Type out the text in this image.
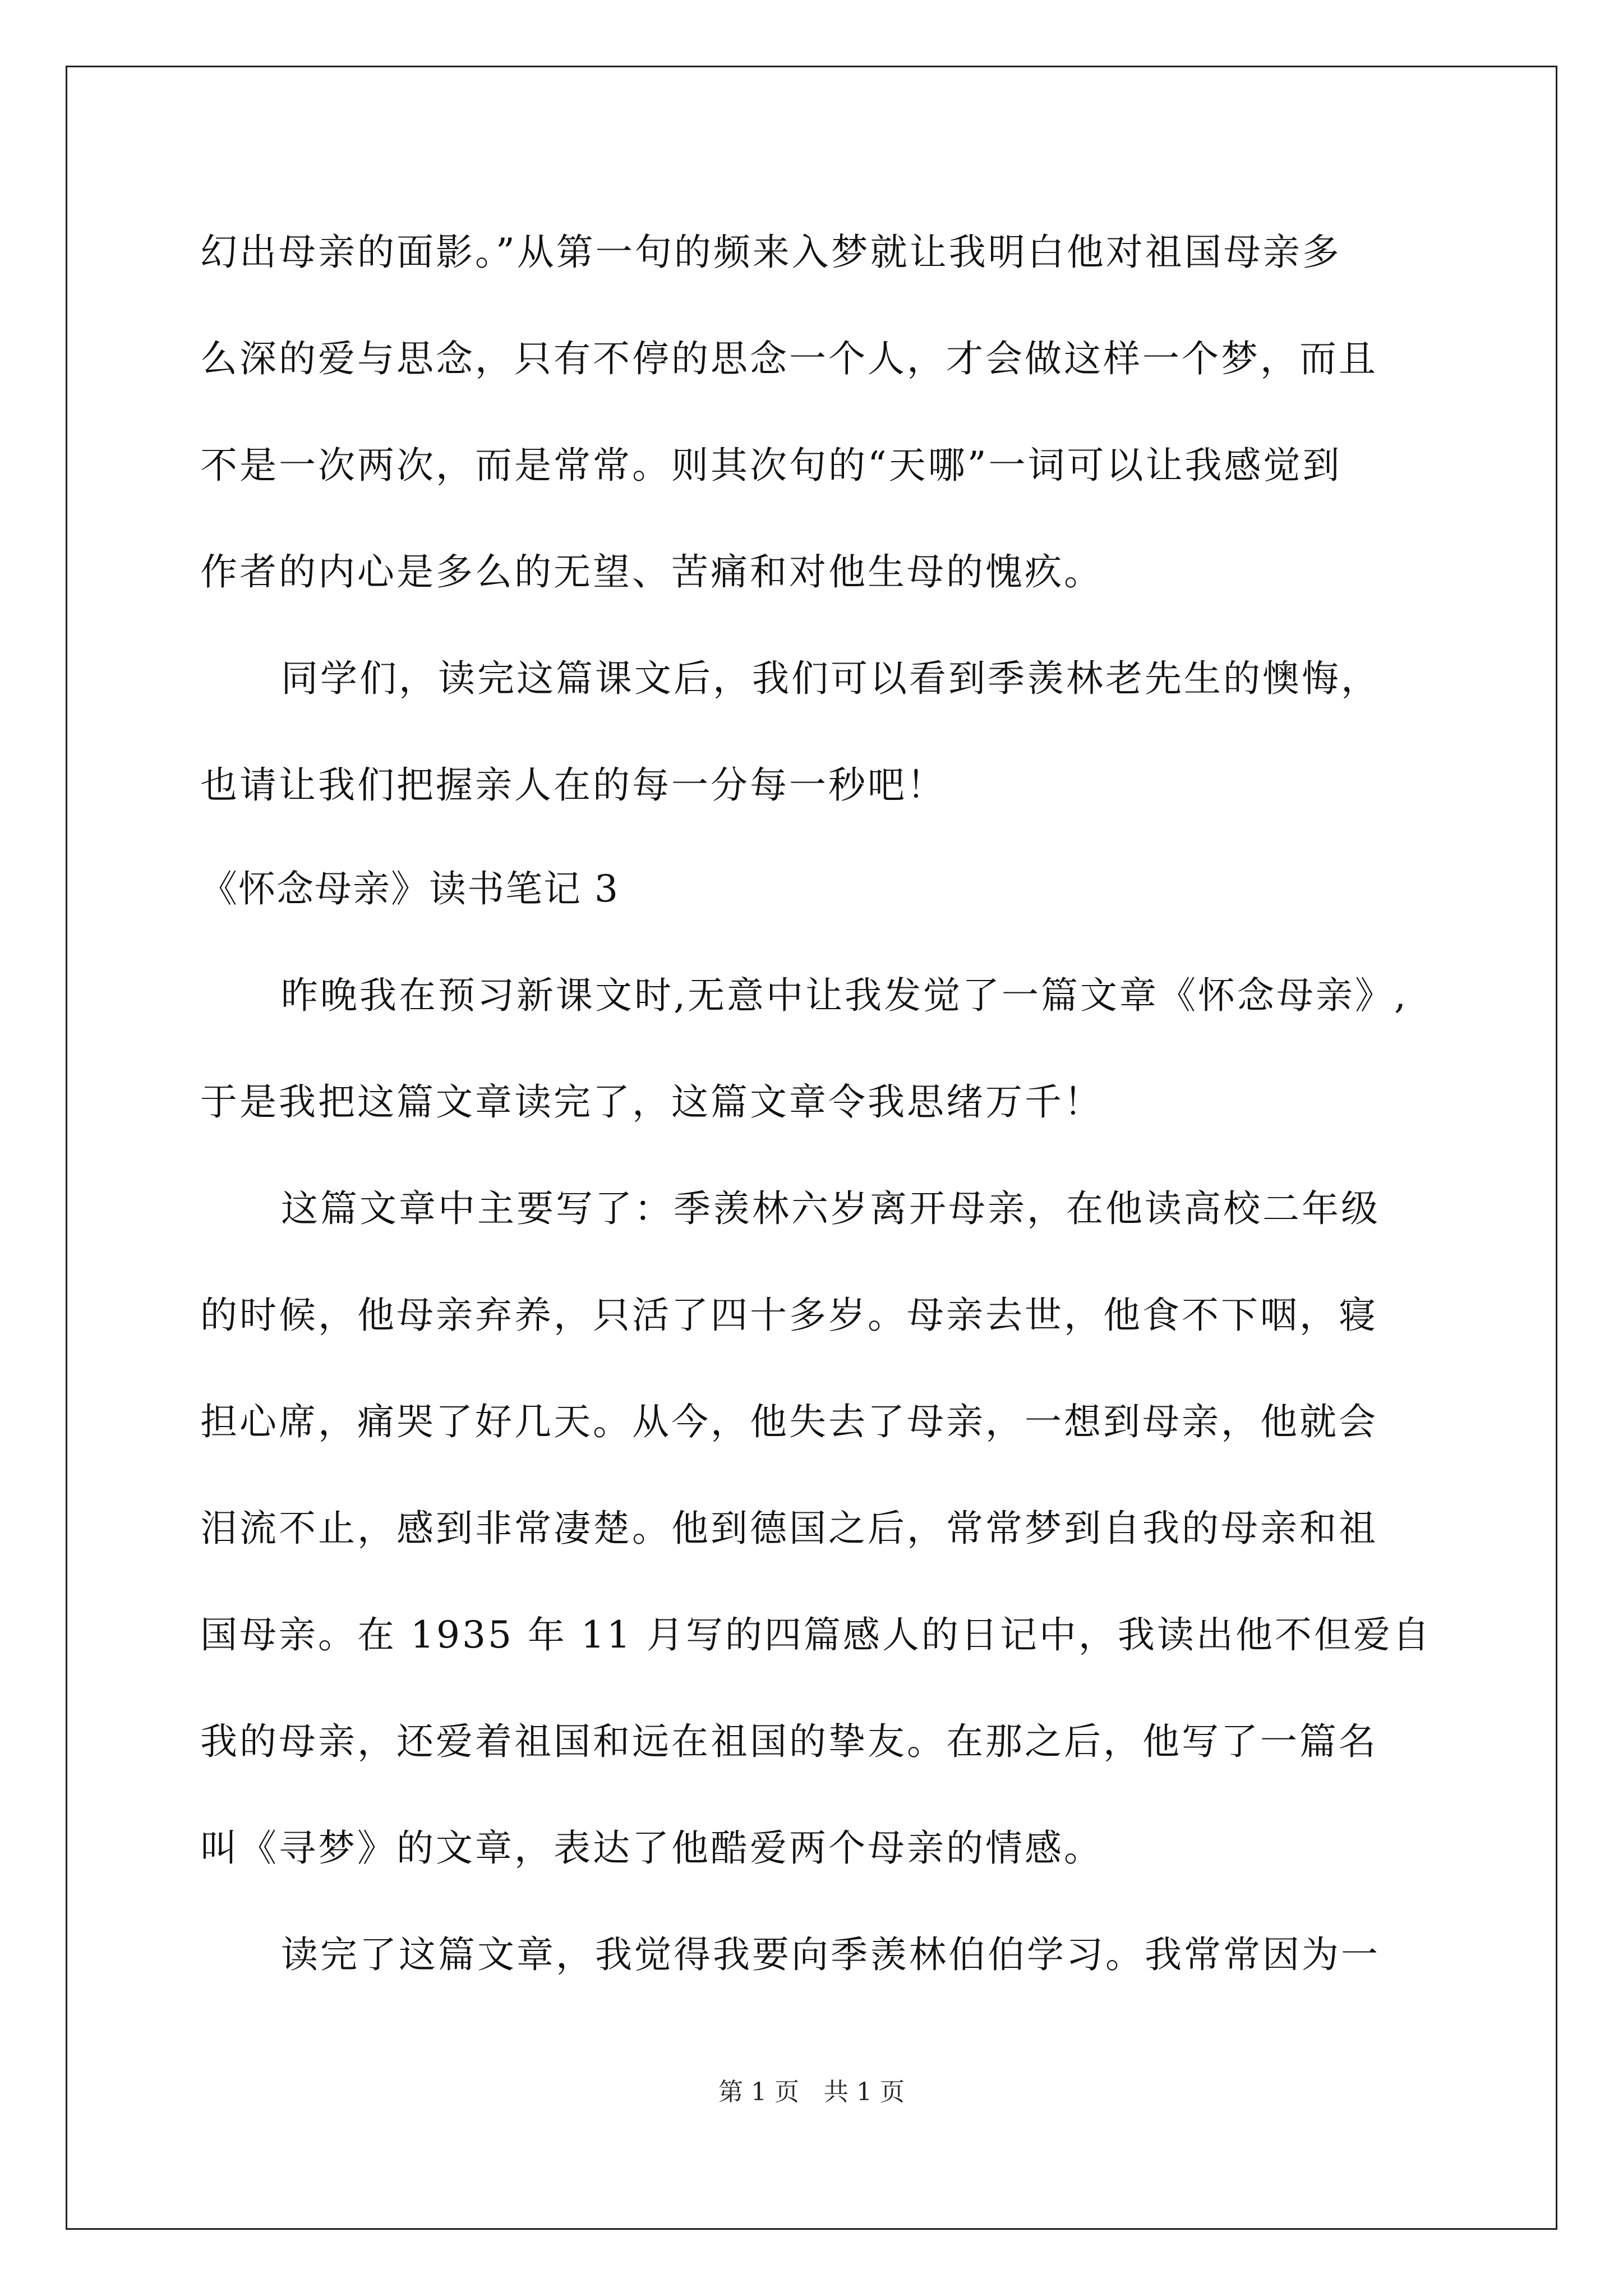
幻出母亲的面影。”从第一句的频来入梦就让我明白他对祖国母亲多
么深的爱与思念，只有不停的思念一个人，才会做这样一个梦，而且
不是一次两次，而是常常。则其次句的“天哪”一词可以让我感觉到
作者的内心是多么的无望、苦痛和对他生母的愧疚。
同学们，读完这篇课文后，我们可以看到季羡林老先生的懊悔，
也请让我们把握亲人在的每一分每一秒吧！
《怀念母亲》读书笔记 3
昨晚我在预习新课文时,无意中让我发觉了一篇文章《怀念母亲》,
于是我把这篇文章读完了，这篇文章令我思绪万千！
这篇文章中主要写了：季羡林六岁离开母亲，在他读高校二年级
的时候，他母亲弃养，只活了四十多岁。母亲去世，他食不下咽，寝
担心席，痛哭了好几天。从今，他失去了母亲，一想到母亲，他就会
泪流不止，感到非常凄楚。他到德国之后，常常梦到自我的母亲和祖
国母亲。在 1935 年 11 月写的四篇感人的日记中，我读出他不但爱自
我的母亲，还爱着祖国和远在祖国的挚友。在那之后，他写了一篇名
叫《寻梦》的文章，表达了他酷爱两个母亲的情感。
读完了这篇文章，我觉得我要向季羡林伯伯学习。我常常因为一
第 1 页　共 1 页
